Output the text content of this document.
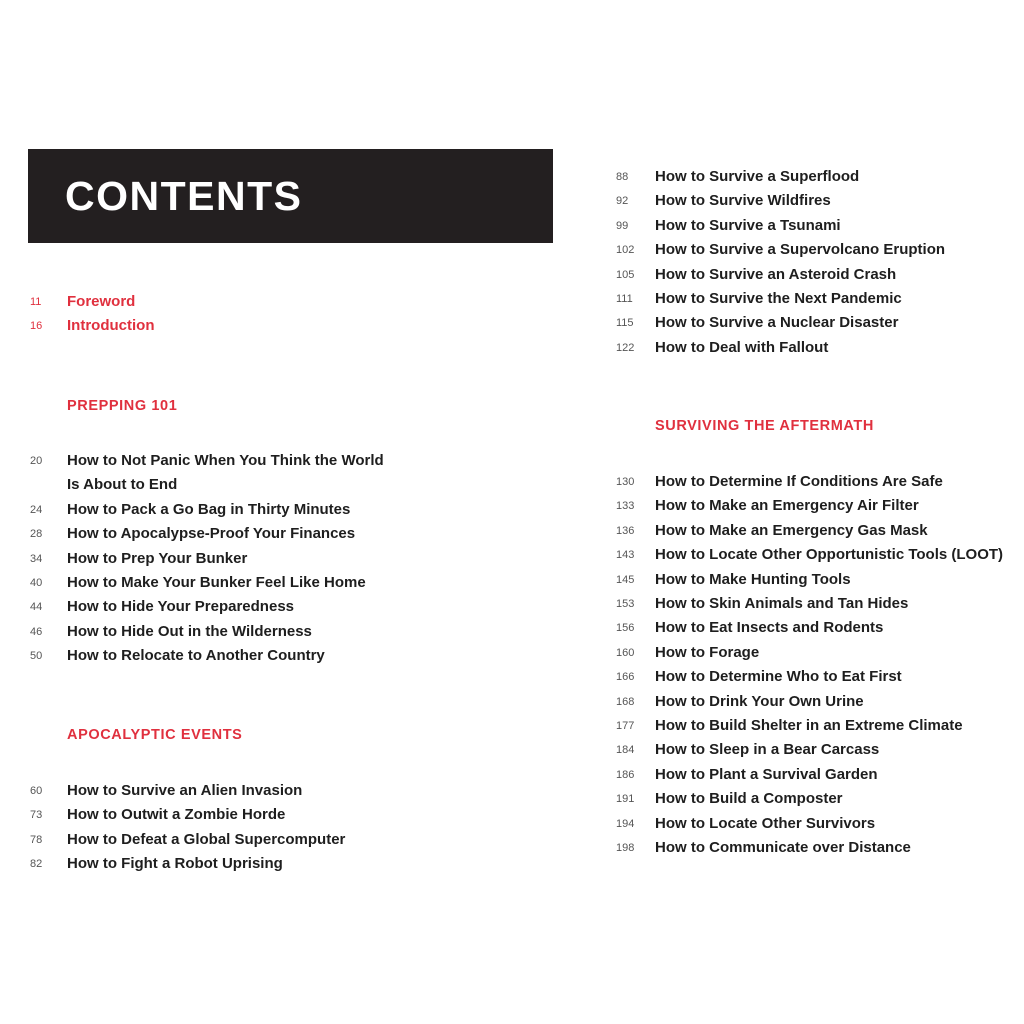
CONTENTS
11 Foreword
16 Introduction
PREPPING 101
20 How to Not Panic When You Think the World
Is About to End
24 How to Pack a Go Bag in Thirty Minutes
28 How to Apocalypse-Proof Your Finances
34 How to Prep Your Bunker
40 How to Make Your Bunker Feel Like Home
44 How to Hide Your Preparedness
46 How to Hide Out in the Wilderness
50 How to Relocate to Another Country
APOCALYPTIC EVENTS
60 How to Survive an Alien Invasion
73 How to Outwit a Zombie Horde
78 How to Defeat a Global Supercomputer
82 How to Fight a Robot Uprising
88 How to Survive a Superflood
92 How to Survive Wildfires
99 How to Survive a Tsunami
102 How to Survive a Supervolcano Eruption
105 How to Survive an Asteroid Crash
111 How to Survive the Next Pandemic
115 How to Survive a Nuclear Disaster
122 How to Deal with Fallout
SURVIVING THE AFTERMATH
130 How to Determine If Conditions Are Safe
133 How to Make an Emergency Air Filter
136 How to Make an Emergency Gas Mask
143 How to Locate Other Opportunistic Tools (LOOT)
145 How to Make Hunting Tools
153 How to Skin Animals and Tan Hides
156 How to Eat Insects and Rodents
160 How to Forage
166 How to Determine Who to Eat First
168 How to Drink Your Own Urine
177 How to Build Shelter in an Extreme Climate
184 How to Sleep in a Bear Carcass
186 How to Plant a Survival Garden
191 How to Build a Composter
194 How to Locate Other Survivors
198 How to Communicate over Distance
